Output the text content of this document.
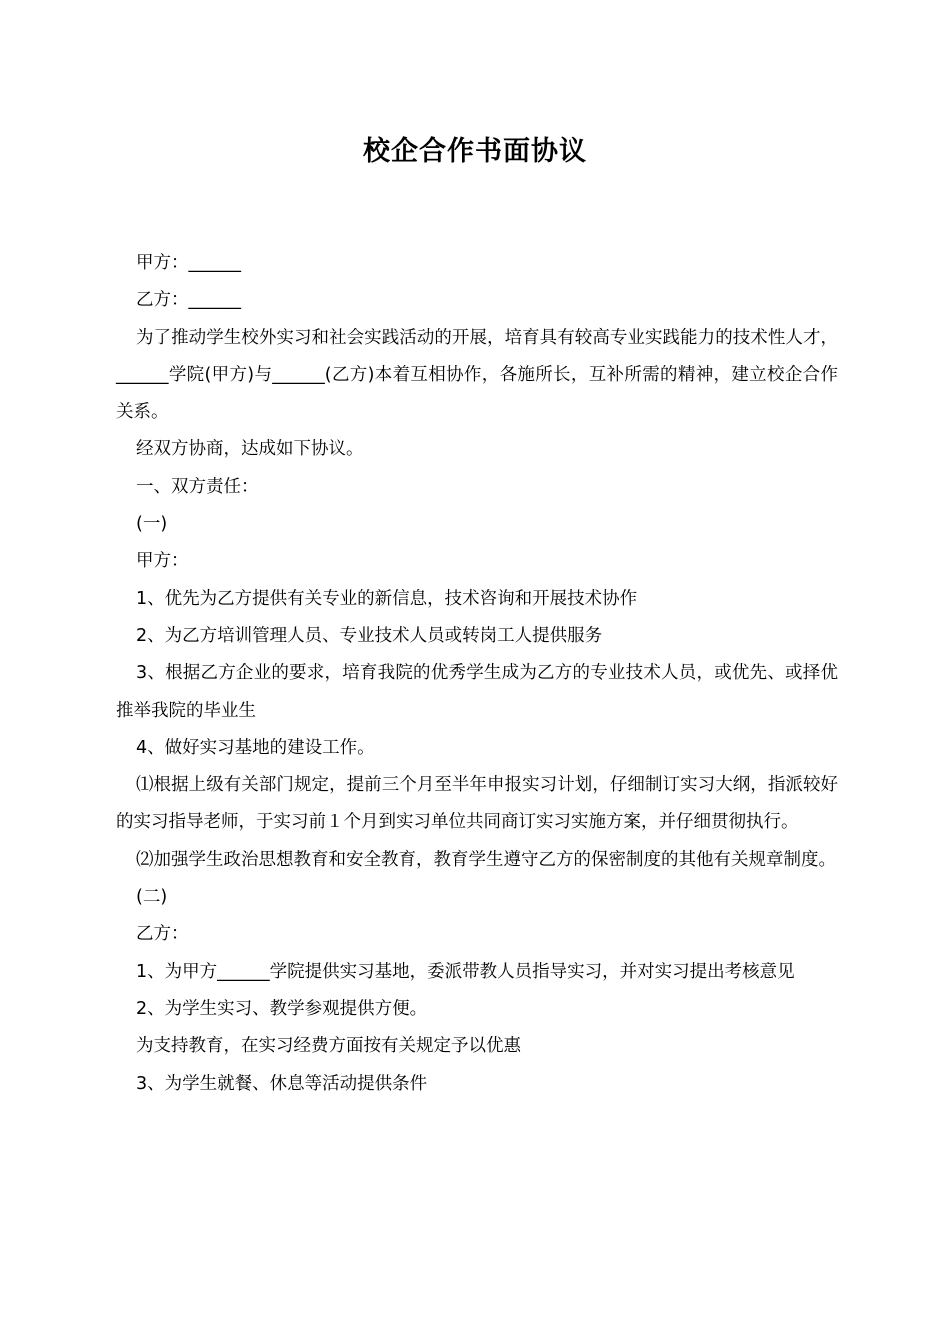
校企合作书面协议

甲方：______

乙方：______

为了推动学生校外实习和社会实践活动的开展，培育具有较高专业实践能力的技术性人才，______学院(甲方)与______(乙方)本着互相协作，各施所长，互补所需的精神，建立校企合作关系。

经双方协商，达成如下协议。

一、双方责任：

(一)

甲方：

1、优先为乙方提供有关专业的新信息，技术咨询和开展技术协作

2、为乙方培训管理人员、专业技术人员或转岗工人提供服务

3、根据乙方企业的要求，培育我院的优秀学生成为乙方的专业技术人员，或优先、或择优推举我院的毕业生

4、做好实习基地的建设工作。

⑴根据上级有关部门规定，提前三个月至半年申报实习计划，仔细制订实习大纲，指派较好的实习指导老师，于实习前１个月到实习单位共同商订实习实施方案，并仔细贯彻执行。

⑵加强学生政治思想教育和安全教育，教育学生遵守乙方的保密制度的其他有关规章制度。

(二)

乙方：

1、为甲方______学院提供实习基地，委派带教人员指导实习，并对实习提出考核意见

2、为学生实习、教学参观提供方便。

为支持教育，在实习经费方面按有关规定予以优惠

3、为学生就餐、休息等活动提供条件
